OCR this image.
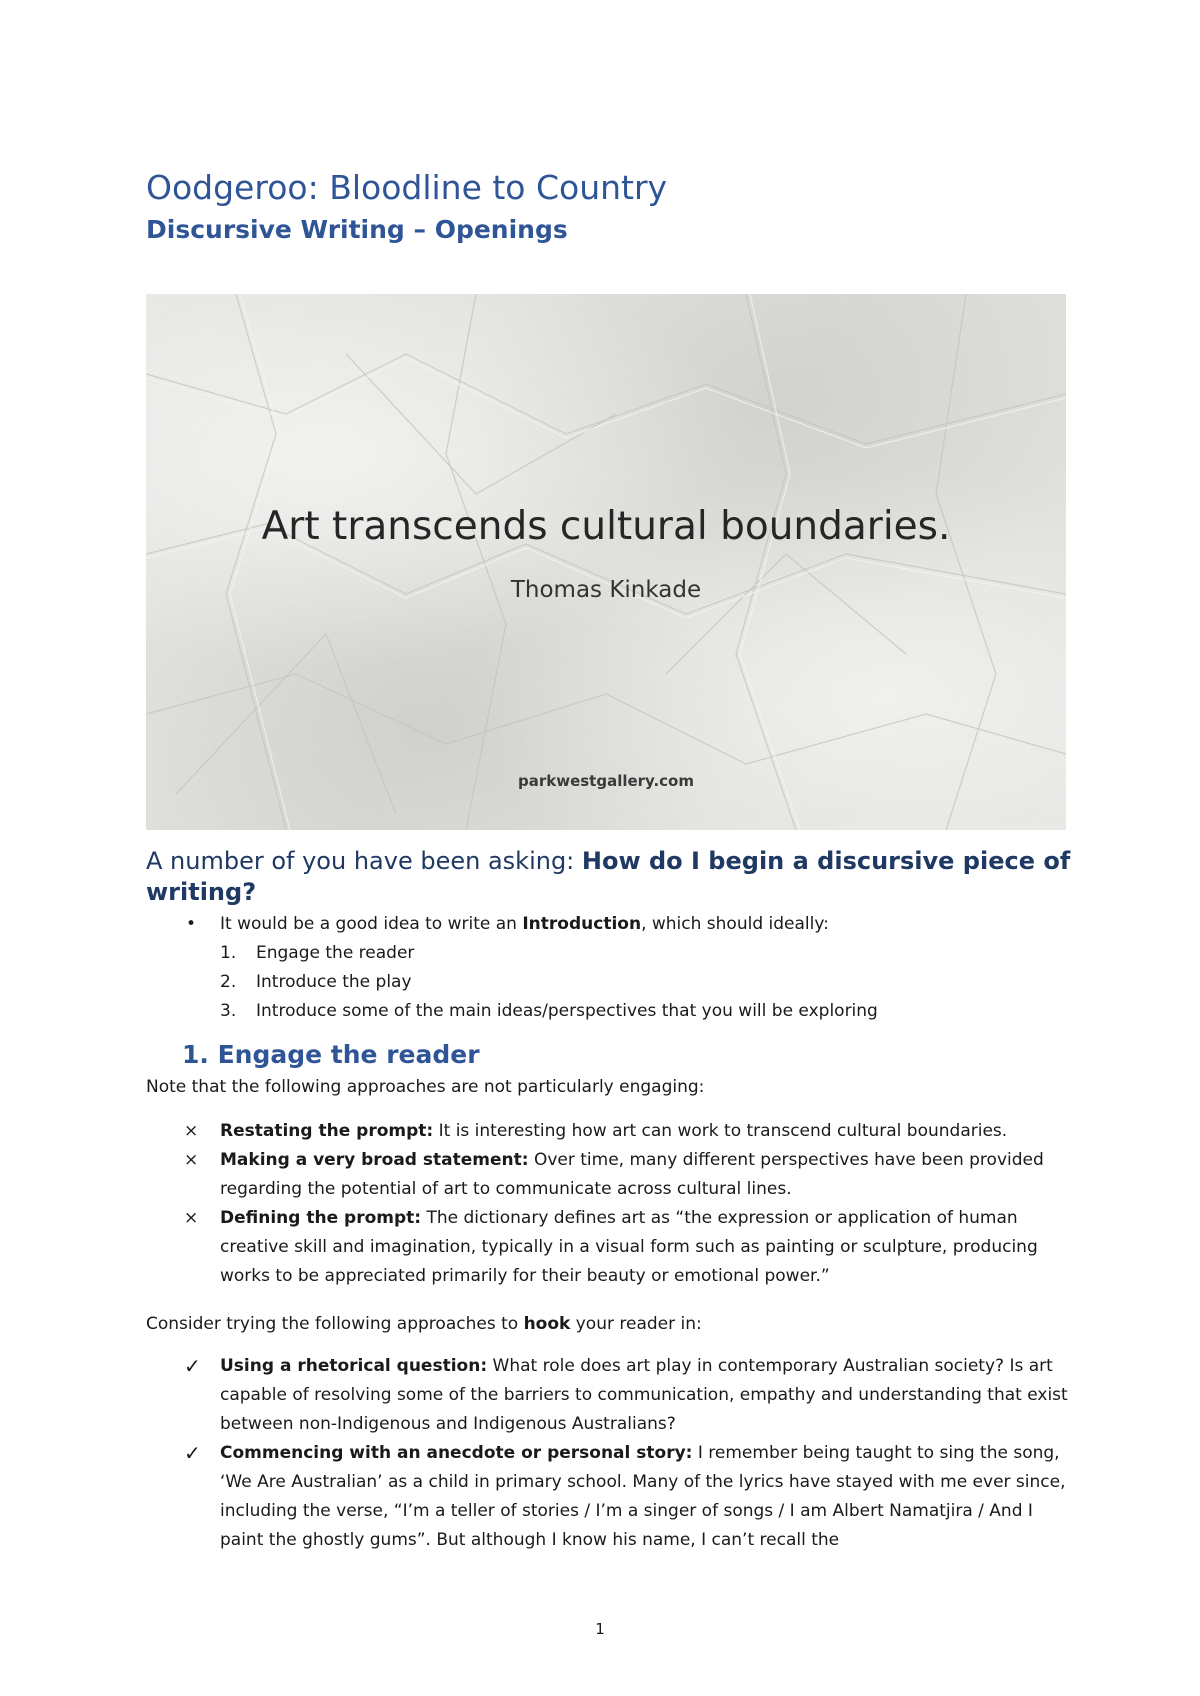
Oodgeroo: Bloodline to Country
Discursive Writing – Openings
Art transcends cultural boundaries.
Thomas Kinkade
parkwestgallery.com

A number of you have been asking: How do I begin a discursive piece of writing?

•	It would be a good idea to write an Introduction, which should ideally:
1. Engage the reader
2. Introduce the play
3. Introduce some of the main ideas/perspectives that you will be exploring
1. Engage the reader

Note that the following approaches are not particularly engaging:

× Restating the prompt: It is interesting how art can work to transcend cultural boundaries.
× Making a very broad statement: Over time, many different perspectives have been provided regarding the potential of art to communicate across cultural lines.
× Defining the prompt: The dictionary defines art as “the expression or application of human creative skill and imagination, typically in a visual form such as painting or sculpture, producing works to be appreciated primarily for their beauty or emotional power.”

Consider trying the following approaches to hook your reader in:

✓ Using a rhetorical question: What role does art play in contemporary Australian society? Is art capable of resolving some of the barriers to communication, empathy and understanding that exist between non-Indigenous and Indigenous Australians?
✓ Commencing with an anecdote or personal story: I remember being taught to sing the song, ‘We Are Australian’ as a child in primary school. Many of the lyrics have stayed with me ever since, including the verse, “I’m a teller of stories / I’m a singer of songs / I am Albert Namatjira / And I paint the ghostly gums”. But although I know his name, I can’t recall the
1
